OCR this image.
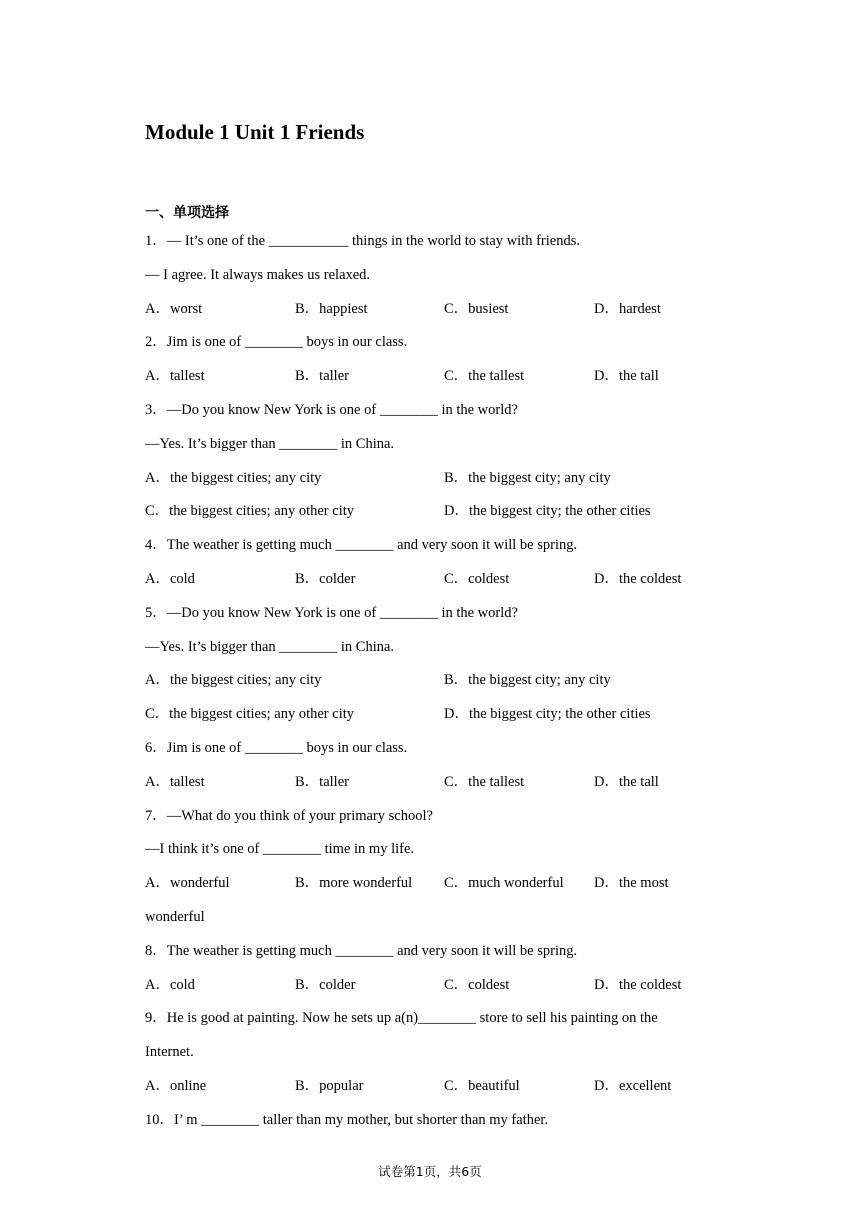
Module 1 Unit 1 Friends
一、单项选择
1．— It’s one of the ___________ things in the world to stay with friends.
— I agree. It always makes us relaxed.
A．worst	B．happiest	C．busiest	D．hardest
2．Jim is one of ________ boys in our class.
A．tallest	B．taller	C．the tallest	D．the tall
3．—Do you know New York is one of ________ in the world?
—Yes. It’s bigger than ________ in China.
A．the biggest cities; any city	B．the biggest city; any city
C．the biggest cities; any other city	D．the biggest city; the other cities
4．The weather is getting much ________ and very soon it will be spring.
A．cold	B．colder	C．coldest	D．the coldest
5．—Do you know New York is one of ________ in the world?
—Yes. It’s bigger than ________ in China.
A．the biggest cities; any city	B．the biggest city; any city
C．the biggest cities; any other city	D．the biggest city; the other cities
6．Jim is one of ________ boys in our class.
A．tallest	B．taller	C．the tallest	D．the tall
7．—What do you think of your primary school?
—I think it’s one of ________ time in my life.
A．wonderful	B．more wonderful C．much wonderful D．the most
wonderful
8．The weather is getting much ________ and very soon it will be spring.
A．cold	B．colder	C．coldest	D．the coldest
9．He is good at painting. Now he sets up a(n)________ store to sell his painting on the
Internet.
A．online	B．popular	C．beautiful	D．excellent
10．I’ m ________ taller than my mother, but shorter than my father.
试卷第1页，共6页
